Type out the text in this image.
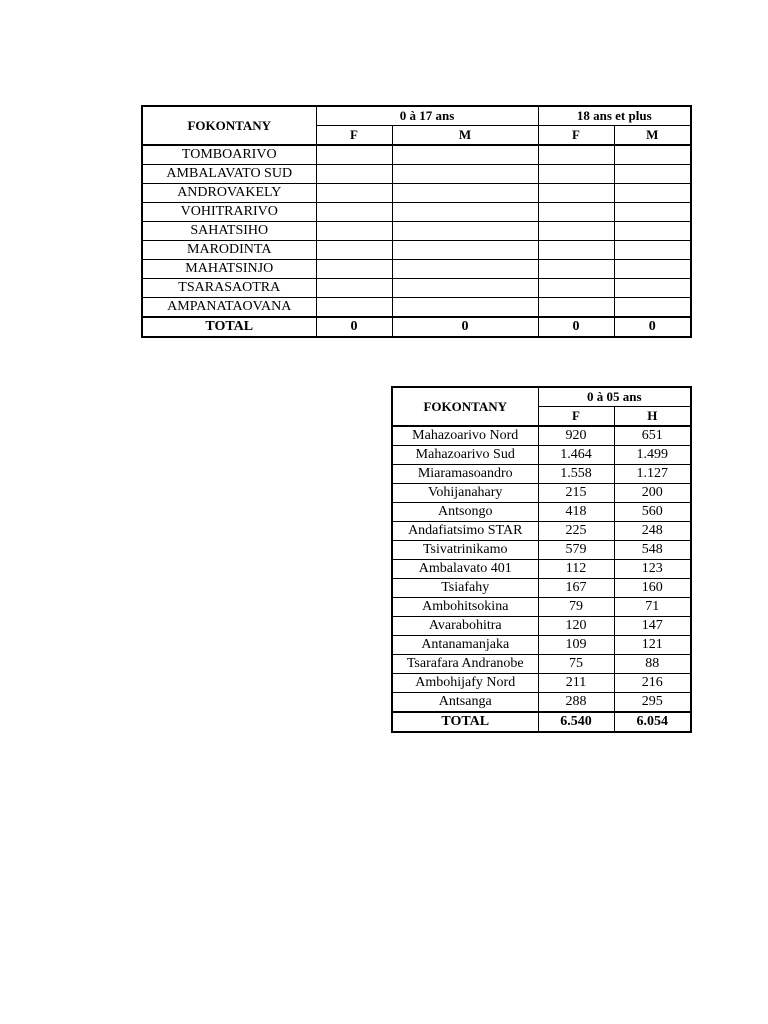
FOKONTANY	0 à 17 ans		18 ans et plus	
	F	M	F	M
TOMBOARIVO				
AMBALAVATO SUD				
ANDROVAKELY				
VOHITRARIVO				
SAHATSIHO				
MARODINTA				
MAHATSINJO				
TSARASAOTRA				
AMPANATAOVANA				
TOTAL	0	0	0	0
FOKONTANY	0 à 05 ans	
	F	H
Mahazoarivo Nord	920	651
Mahazoarivo Sud	1.464	1.499
Miaramasoandro	1.558	1.127
Vohijanahary	215	200
Antsongo	418	560
Andafiatsimo STAR	225	248
Tsivatrinikamo	579	548
Ambalavato 401	112	123
Tsiafahy	167	160
Ambohitsokina	79	71
Avarabohitra	120	147
Antanamanjaka	109	121
Tsarafara Andranobe	75	88
Ambohijafy Nord	211	216
Antsanga	288	295
TOTAL	6.540	6.054
